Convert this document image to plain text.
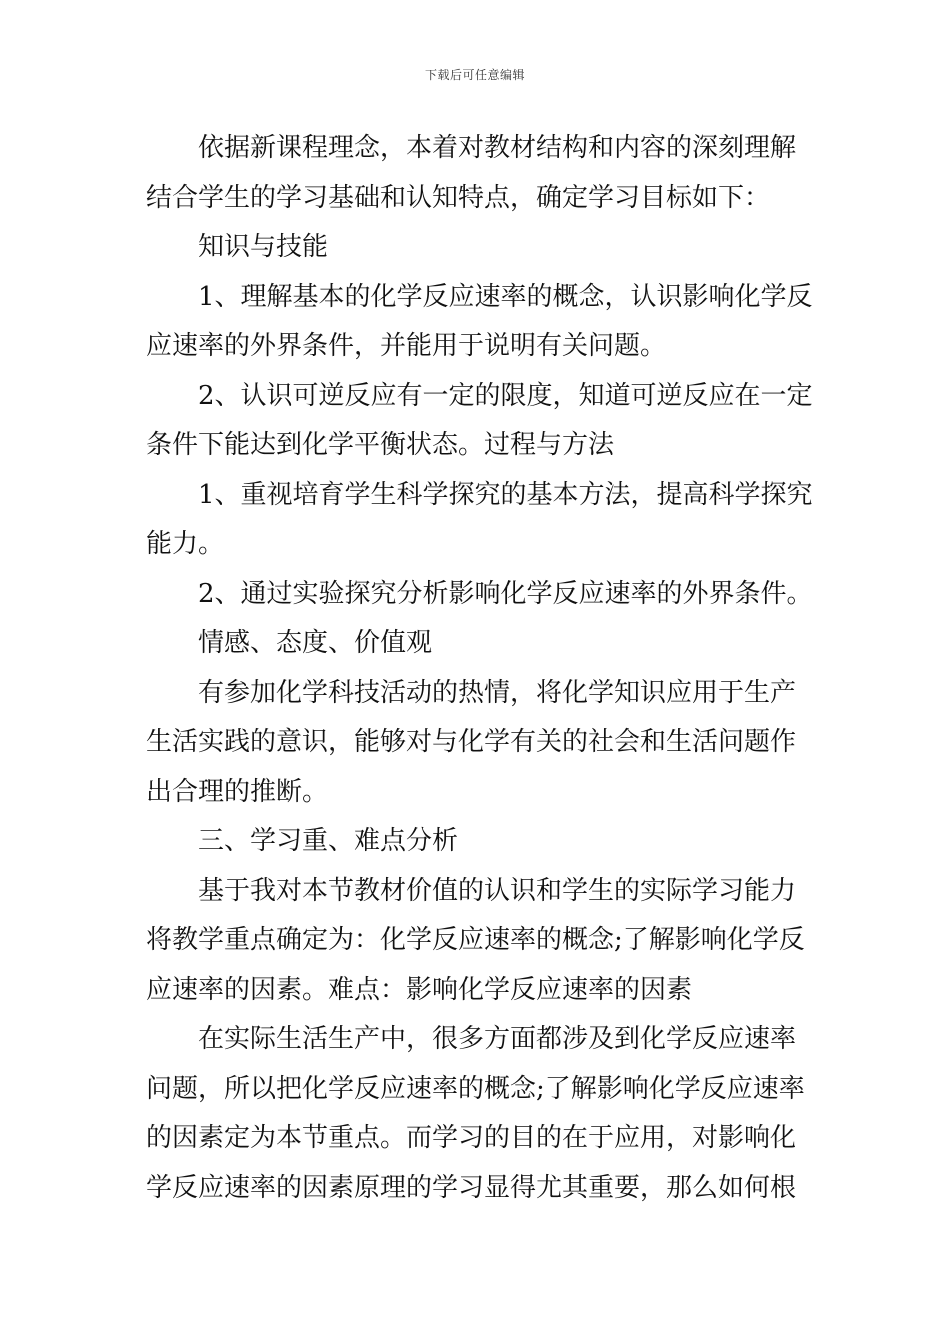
下载后可任意编辑
依据新课程理念，本着对教材结构和内容的深刻理解
结合学生的学习基础和认知特点，确定学习目标如下：
知识与技能
1、理解基本的化学反应速率的概念，认识影响化学反
应速率的外界条件，并能用于说明有关问题。
2、认识可逆反应有一定的限度，知道可逆反应在一定
条件下能达到化学平衡状态。过程与方法
1、重视培育学生科学探究的基本方法，提高科学探究
能力。
2、通过实验探究分析影响化学反应速率的外界条件。
情感、态度、价值观
有参加化学科技活动的热情，将化学知识应用于生产
生活实践的意识，能够对与化学有关的社会和生活问题作
出合理的推断。
三、学习重、难点分析
基于我对本节教材价值的认识和学生的实际学习能力
将教学重点确定为：化学反应速率的概念;了解影响化学反
应速率的因素。难点：影响化学反应速率的因素
在实际生活生产中，很多方面都涉及到化学反应速率
问题，所以把化学反应速率的概念;了解影响化学反应速率
的因素定为本节重点。而学习的目的在于应用，对影响化
学反应速率的因素原理的学习显得尤其重要，那么如何根
